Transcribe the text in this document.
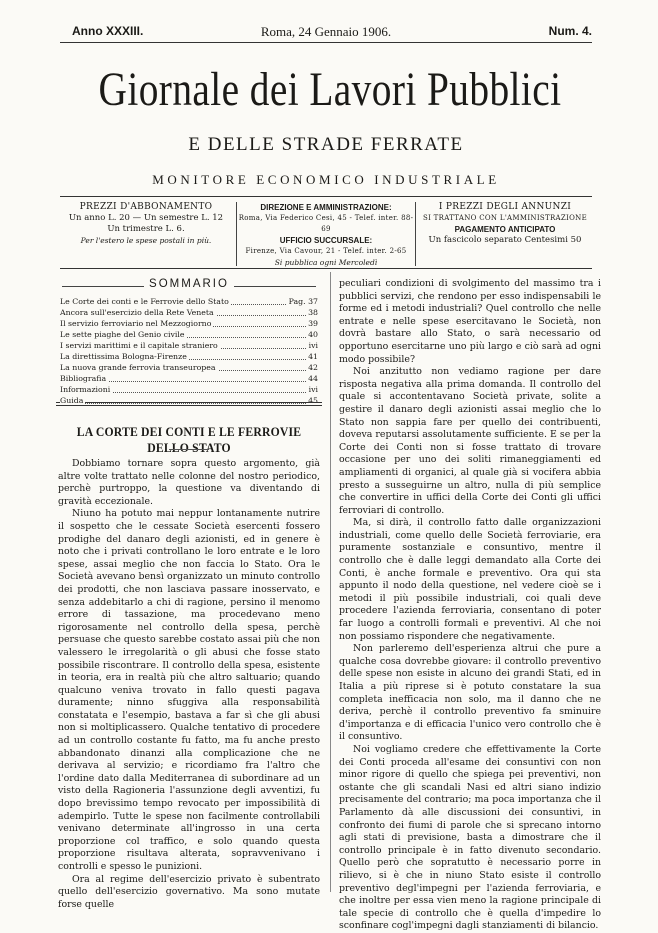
Anno XXXIII.	Roma, 24 Gennaio 1906.	Num. 4.
Giornale dei Lavori Pubblici
E DELLE STRADE FERRATE
MONITORE ECONOMICO INDUSTRIALE
PREZZI D'ABBONAMENTO
Un anno L. 20 — Un semestre L. 12
Un trimestre L. 6.
Per l'estero le spese postali in più.
DIREZIONE E AMMINISTRAZIONE:
Roma, Via Federico Cesi, 45 - Telef. inter. 88-69
UFFICIO SUCCURSALE:
Firenze, Via Cavour, 21 - Telef. inter. 2-65
Si pubblica ogni Mercoledì
I PREZZI DEGLI ANNUNZI
SI TRATTANO CON L'AMMINISTRAZIONE
PAGAMENTO ANTICIPATO
Un fascicolo separato Centesimi 50
SOMMARIO
Le Corte dei conti e le Ferrovie dello Stato	Pag. 37
Ancora sull'esercizio della Rete Veneta	38
Il servizio ferroviario nel Mezzogiorno	39
Le sette piaghe del Genio civile	40
I servizi marittimi e il capitale straniero	ivi
La direttissima Bologna-Firenze	41
La nuova grande ferrovia transeuropea	42
Bibliografia	44
Informazioni	ivi
Guida	45
LA CORTE DEI CONTI E LE FERROVIE DELLO STATO

Dobbiamo tornare sopra questo argomento, già altre volte trattato nelle colonne del nostro periodico, perchè purtroppo, la questione va diventando di gravità eccezionale.

Niuno ha potuto mai neppur lontanamente nutrire il sospetto che le cessate Società esercenti fossero prodighe del danaro degli azionisti, ed in genere è noto che i privati controllano le loro entrate e le loro spese, assai meglio che non faccia lo Stato. Ora le Società avevano bensì organizzato un minuto controllo dei prodotti, che non lasciava passare inosservato, e senza addebitarlo a chi di ragione, persino il menomo errore di tassazione, ma procedevano meno rigorosamente nel controllo della spesa, perchè persuase che questo sarebbe costato assai più che non valessero le irregolarità o gli abusi che fosse stato possibile riscontrare. Il controllo della spesa, esistente in teoria, era in realtà più che altro saltuario; quando qualcuno veniva trovato in fallo questi pagava duramente; ninno sfuggiva alla responsabilità constatata e l'esempio, bastava a far sì che gli abusi non si moltiplicassero. Qualche tentativo di procedere ad un controllo costante fu fatto, ma fu anche presto abbandonato dinanzi alla complicazione che ne derivava al servizio; e ricordiamo fra l'altro che l'ordine dato dalla Mediterranea di subordinare ad un visto della Ragioneria l'assunzione degli avventizi, fu dopo brevissimo tempo revocato per impossibilità di adempirlo. Tutte le spese non facilmente controllabili venivano determinate all'ingrosso in una certa proporzione col traffico, e solo quando questa proporzione risultava alterata, sopravvenivano i controlli e spesso le punizioni.

Ora al regime dell'esercizio privato è subentrato quello dell'esercizio governativo. Ma sono mutate forse quelle

peculiari condizioni di svolgimento del massimo tra i pubblici servizi, che rendono per esso indispensabili le forme ed i metodi industriali? Quel controllo che nelle entrate e nelle spese esercitavano le Società, non dovrà bastare allo Stato, o sarà necessario od opportuno esercitarne uno più largo e ciò sarà ad ogni modo possibile?

Noi anzitutto non vediamo ragione per dare risposta negativa alla prima domanda. Il controllo del quale si accontentavano Società private, solite a gestire il danaro degli azionisti assai meglio che lo Stato non sappia fare per quello dei contribuenti, doveva reputarsi assolutamente sufficiente. E se per la Corte dei Conti non si fosse trattato di trovare occasione per uno dei soliti rimaneggiamenti ed ampliamenti di organici, al quale già si vocifera abbia presto a susseguirne un altro, nulla di più semplice che convertire in uffici della Corte dei Conti gli uffici ferroviari di controllo.

Ma, si dirà, il controllo fatto dalle organizzazioni industriali, come quello delle Società ferroviarie, era puramente sostanziale e consuntivo, mentre il controllo che è dalle leggi demandato alla Corte dei Conti, è anche formale e preventivo. Ora qui sta appunto il nodo della questione, nel vedere cioè se i metodi il più possibile industriali, coi quali deve procedere l'azienda ferroviaria, consentano di poter far luogo a controlli formali e preventivi. Al che noi non possiamo rispondere che negativamente.

Non parleremo dell'esperienza altrui che pure a qualche cosa dovrebbe giovare: il controllo preventivo delle spese non esiste in alcuno dei grandi Stati, ed in Italia a più riprese si è potuto constatare la sua completa inefficacia non solo, ma il danno che ne deriva, perchè il controllo preventivo fa sminuire d'importanza e di efficacia l'unico vero controllo che è il consuntivo.

Noi vogliamo credere che effettivamente la Corte dei Conti proceda all'esame dei consuntivi con non minor rigore di quello che spiega pei preventivi, non ostante che gli scandali Nasi ed altri siano indizio precisamente del contrario; ma poca importanza che il Parlamento dà alle discussioni dei consuntivi, in confronto dei fiumi di parole che si sprecano intorno agli stati di previsione, basta a dimostrare che il controllo principale è in fatto divenuto secondario. Quello però che sopratutto è necessario porre in rilievo, si è che in niuno Stato esiste il controllo preventivo degl'impegni per l'azienda ferroviaria, e che inoltre per essa vien meno la ragione principale di tale specie di controllo che è quella d'impedire lo sconfinare cogl'impegni dagli stanziamenti di bilancio.
